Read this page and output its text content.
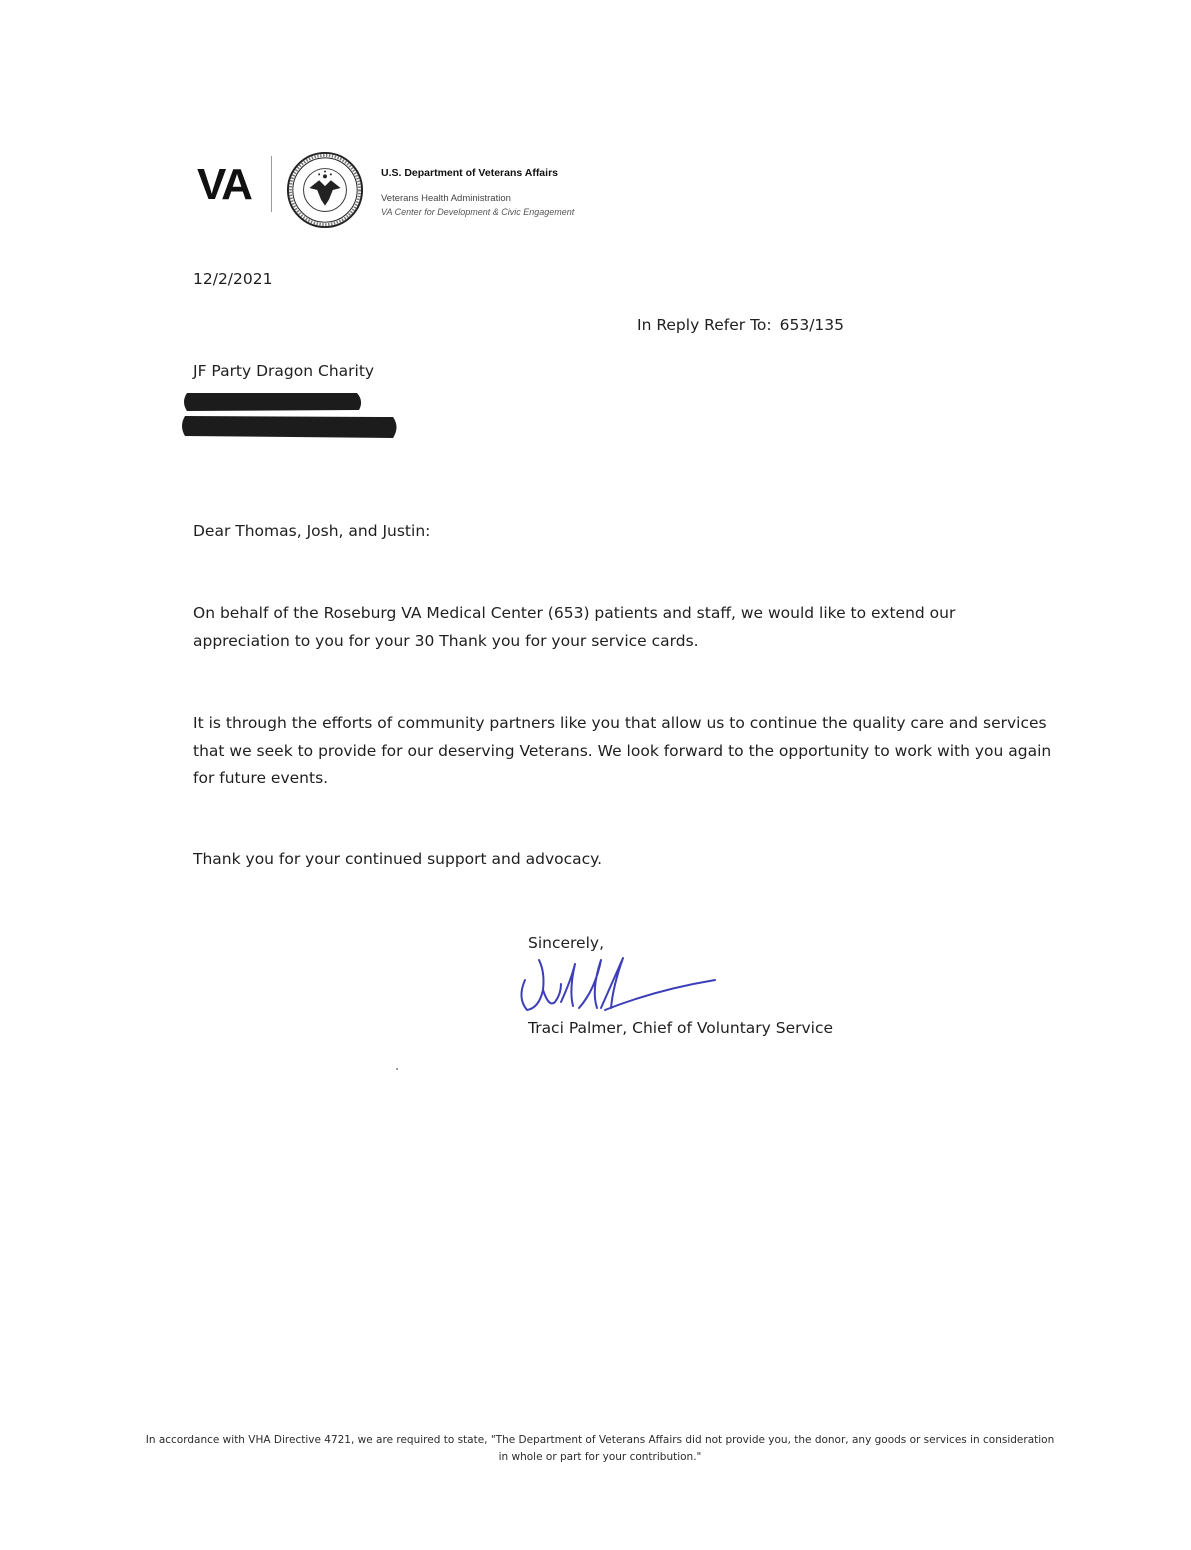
VA	U.S. Department of Veterans Affairs
Veterans Health Administration
VA Center for Development & Civic Engagement
12/2/2021
In Reply Refer To: 653/135
JF Party Dragon Charity
Dear Thomas, Josh, and Justin:
On behalf of the Roseburg VA Medical Center (653) patients and staff, we would like to extend our appreciation to you for your 30 Thank you for your service cards.
It is through the efforts of community partners like you that allow us to continue the quality care and services that we seek to provide for our deserving Veterans. We look forward to the opportunity to work with you again for future events.
Thank you for your continued support and advocacy.
Sincerely,
Traci Palmer, Chief of Voluntary Service
In accordance with VHA Directive 4721, we are required to state, "The Department of Veterans Affairs did not provide you, the donor, any goods or services in consideration in whole or part for your contribution."
